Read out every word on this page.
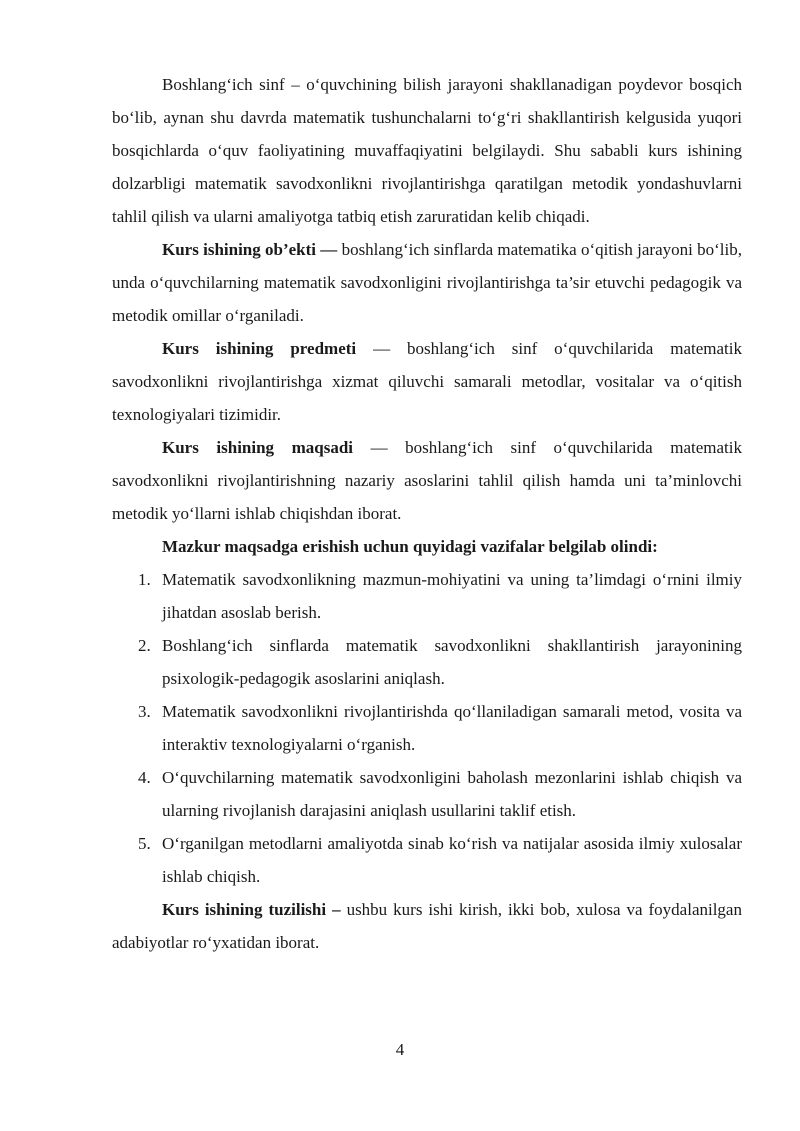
Boshlang‘ich sinf – o‘quvchining bilish jarayoni shakllanadigan poydevor bosqich bo‘lib, aynan shu davrda matematik tushunchalarni to‘g‘ri shakllantirish kelgusida yuqori bosqichlarda o‘quv faoliyatining muvaffaqiyatini belgilaydi. Shu sababli kurs ishining dolzarbligi matematik savodxonlikni rivojlantirishga qaratilgan metodik yondashuvlarni tahlil qilish va ularni amaliyotga tatbiq etish zaruratidan kelib chiqadi.

Kurs ishining ob’ekti — boshlang‘ich sinflarda matematika o‘qitish jarayoni bo‘lib, unda o‘quvchilarning matematik savodxonligini rivojlantirishga ta’sir etuvchi pedagogik va metodik omillar o‘rganiladi.

Kurs ishining predmeti — boshlang‘ich sinf o‘quvchilarida matematik savodxonlikni rivojlantirishga xizmat qiluvchi samarali metodlar, vositalar va o‘qitish texnologiyalari tizimidir.

Kurs ishining maqsadi — boshlang‘ich sinf o‘quvchilarida matematik savodxonlikni rivojlantirishning nazariy asoslarini tahlil qilish hamda uni ta’minlovchi metodik yo‘llarni ishlab chiqishdan iborat.

Mazkur maqsadga erishish uchun quyidagi vazifalar belgilab olindi:

1. Matematik savodxonlikning mazmun-mohiyatini va uning ta’limdagi o‘rnini ilmiy jihatdan asoslab berish.
2. Boshlang‘ich sinflarda matematik savodxonlikni shakllantirish jarayonining psixologik-pedagogik asoslarini aniqlash.
3. Matematik savodxonlikni rivojlantirishda qo‘llaniladigan samarali metod, vosita va interaktiv texnologiyalarni o‘rganish.
4. O‘quvchilarning matematik savodxonligini baholash mezonlarini ishlab chiqish va ularning rivojlanish darajasini aniqlash usullarini taklif etish.
5. O‘rganilgan metodlarni amaliyotda sinab ko‘rish va natijalar asosida ilmiy xulosalar ishlab chiqish.

Kurs ishining tuzilishi – ushbu kurs ishi kirish, ikki bob, xulosa va foydalanilgan adabiyotlar ro‘yxatidan iborat.

4
